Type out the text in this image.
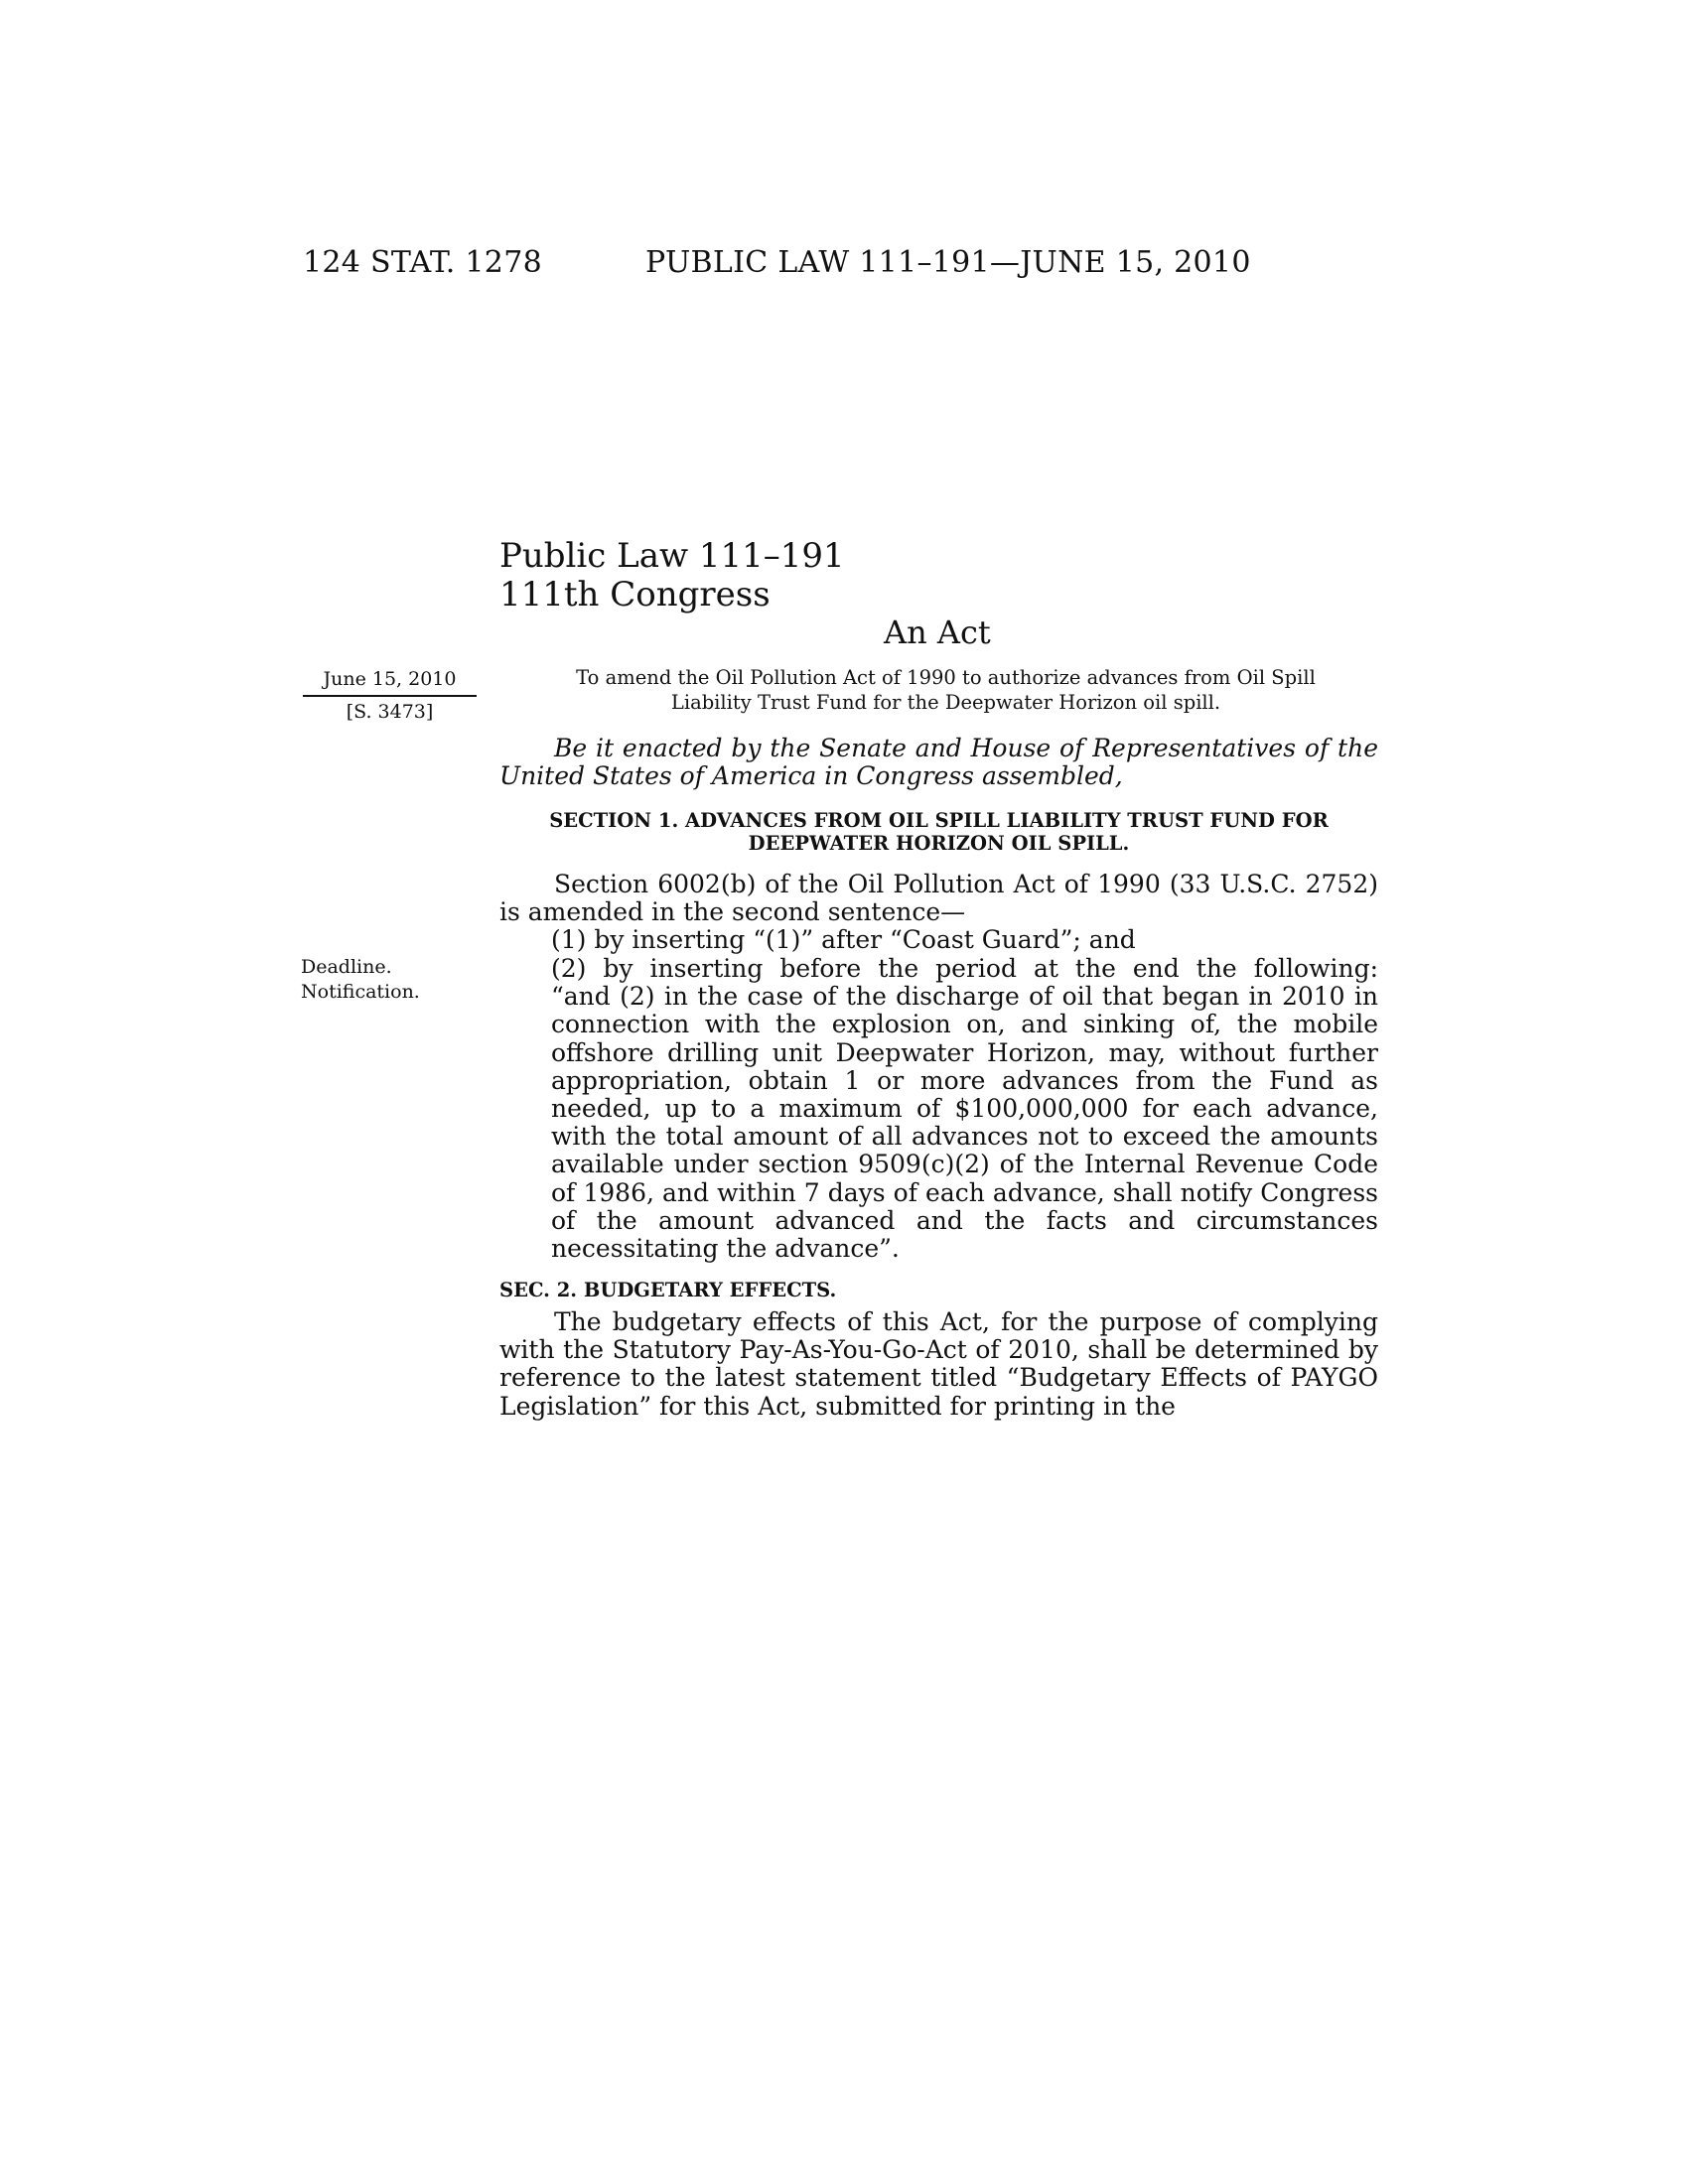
124 STAT. 1278	PUBLIC LAW 111–191—JUNE 15, 2010
Public Law 111–191
111th Congress
An Act
June 15, 2010
[S. 3473]
To amend the Oil Pollution Act of 1990 to authorize advances from Oil Spill Liability Trust Fund for the Deepwater Horizon oil spill.
Be it enacted by the Senate and House of Representatives of the United States of America in Congress assembled,
SECTION 1. ADVANCES FROM OIL SPILL LIABILITY TRUST FUND FOR
DEEPWATER HORIZON OIL SPILL.
Section 6002(b) of the Oil Pollution Act of 1990 (33 U.S.C. 2752) is amended in the second sentence—
(1) by inserting “(1)” after “Coast Guard”; and
(2) by inserting before the period at the end the following:
“and (2) in the case of the discharge of oil that began in 2010 in connection with the explosion on, and sinking of, the mobile offshore drilling unit Deepwater Horizon, may, without further appropriation, obtain 1 or more advances from the Fund as needed, up to a maximum of $100,000,000 for each advance, with the total amount of all advances not to exceed the amounts available under section 9509(c)(2) of the Internal Revenue Code of 1986, and within 7 days of each advance, shall notify Congress of the amount advanced and the facts and circumstances necessitating the advance”.
Deadline.
Notification.
SEC. 2. BUDGETARY EFFECTS.
The budgetary effects of this Act, for the purpose of complying with the Statutory Pay-As-You-Go-Act of 2010, shall be determined by reference to the latest statement titled “Budgetary Effects of PAYGO Legislation” for this Act, submitted for printing in the
